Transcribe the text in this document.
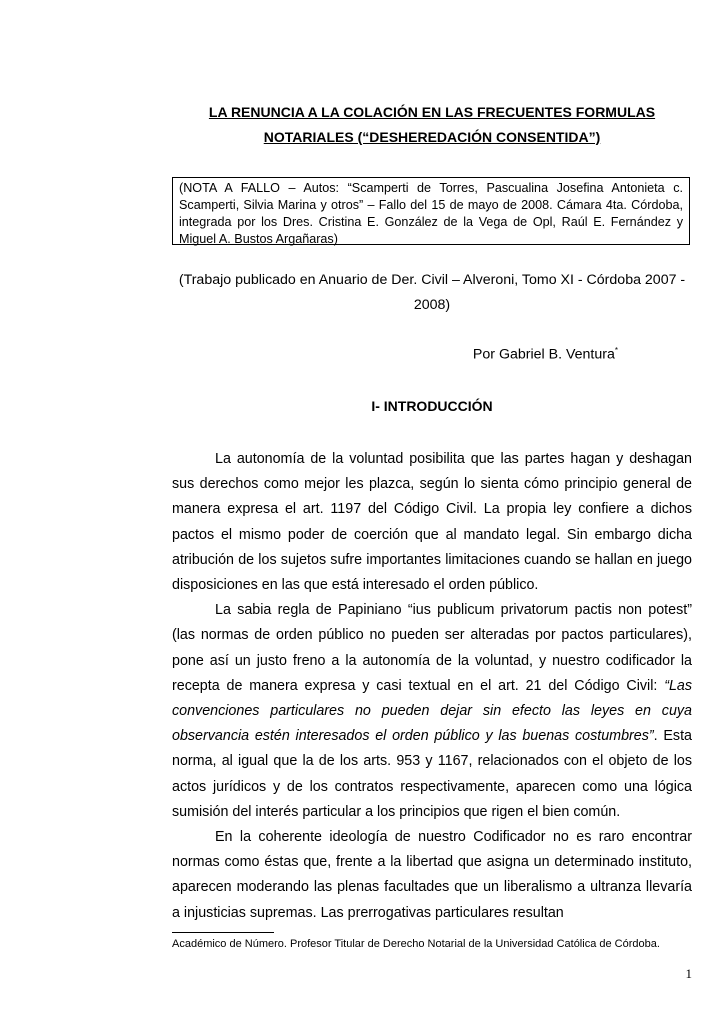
LA RENUNCIA A LA COLACIÓN EN LAS FRECUENTES FORMULAS
NOTARIALES (“DESHEREDACIÓN CONSENTIDA”)
(NOTA A FALLO – Autos: “Scamperti de Torres, Pascualina Josefina Antonieta c. Scamperti, Silvia Marina y otros” – Fallo del 15 de mayo de 2008. Cámara 4ta. Córdoba, integrada por los Dres. Cristina E. González de la Vega de Opl, Raúl E. Fernández y Miguel A. Bustos Argañaras)
(Trabajo publicado en Anuario de Der. Civil – Alveroni, Tomo XI - Córdoba 2007 - 2008)
Por Gabriel B. Ventura*
I- INTRODUCCIÓN

La autonomía de la voluntad posibilita que las partes hagan y deshagan sus derechos como mejor les plazca, según lo sienta cómo principio general de manera expresa el art. 1197 del Código Civil. La propia ley confiere a dichos pactos el mismo poder de coerción que al mandato legal. Sin embargo dicha atribución de los sujetos sufre importantes limitaciones cuando se hallan en juego disposiciones en las que está interesado el orden público.

La sabia regla de Papiniano “ius publicum privatorum pactis non potest” (las normas de orden público no pueden ser alteradas por pactos particulares), pone así un justo freno a la autonomía de la voluntad, y nuestro codificador la recepta de manera expresa y casi textual en el art. 21 del Código Civil: “Las convenciones particulares no pueden dejar sin efecto las leyes en cuya observancia estén interesados el orden público y las buenas costumbres”. Esta norma, al igual que la de los arts. 953 y 1167, relacionados con el objeto de los actos jurídicos y de los contratos respectivamente, aparecen como una lógica sumisión del interés particular a los principios que rigen el bien común.

En la coherente ideología de nuestro Codificador no es raro encontrar normas como éstas que, frente a la libertad que asigna un determinado instituto, aparecen moderando las plenas facultades que un liberalismo a ultranza llevaría a injusticias supremas. Las prerrogativas particulares resultan

Académico de Número. Profesor Titular de Derecho Notarial de la Universidad Católica de Córdoba.
1
